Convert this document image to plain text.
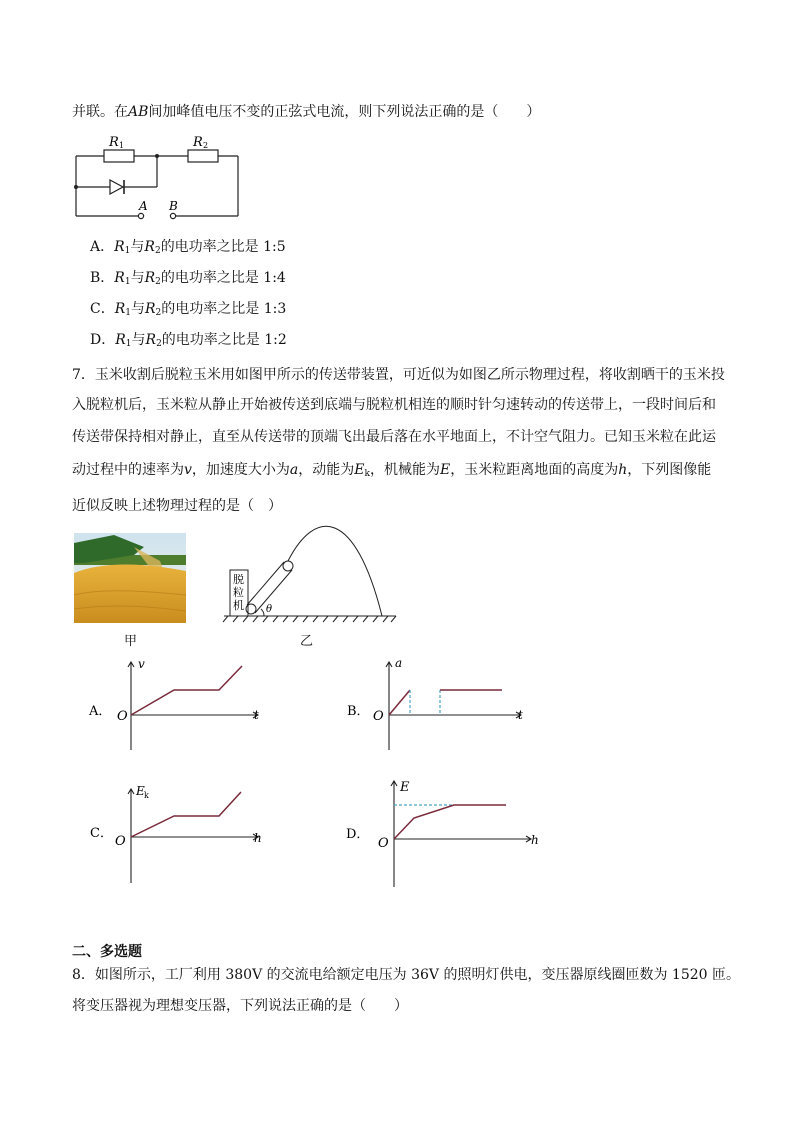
并联。在AB间加峰值电压不变的正弦式电流，则下列说法正确的是（　　）
R 1	R 2
A B
A．$R_1$与$R_2$的电功率之比是 1:5
B．$R_1$与$R_2$的电功率之比是 1:4
C．$R_1$与$R_2$的电功率之比是 1:3
D．$R_1$与$R_2$的电功率之比是 1:2
7．玉米收割后脱粒玉米用如图甲所示的传送带装置，可近似为如图乙所示物理过程，将收割晒干的玉米投
入脱粒机后，玉米粒从静止开始被传送到底端与脱粒机相连的顺时针匀速转动的传送带上，一段时间后和
传送带保持相对静止，直至从传送带的顶端飞出最后落在水平地面上，不计空气阻力。已知玉米粒在此运
动过程中的速率为v，加速度大小为a，动能为$E_k$，机械能为E，玉米粒距离地面的高度为h，下列图像能
近似反映上述物理过程的是（　）
甲
脱
粒
机 θ
乙
A． O
v
t	B． O
a
t
C．
O
E k
h	D．
O
E
h
二、多选题
8．如图所示，工厂利用 380V 的交流电给额定电压为 36V 的照明灯供电，变压器原线圈匝数为 1520 匝。
将变压器视为理想变压器，下列说法正确的是（　　）
